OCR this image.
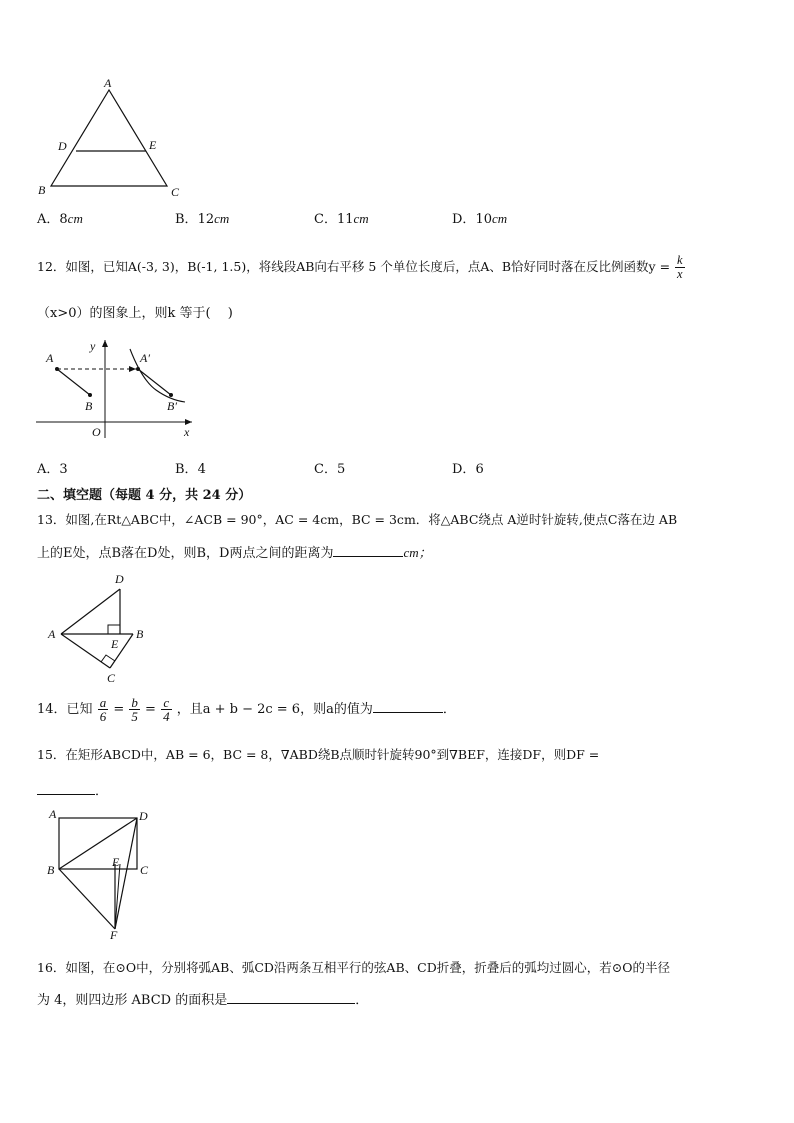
A
D	E
B	C
A．8cm	B．12cm	C．11cm	D．10cm
12．如图，已知A(-3, 3)，B(-1, 1.5)，将线段AB向右平移 5 个单位长度后，点A、B恰好同时落在反比例函数$y = \frac{k}{x}$
（x>0）的图象上，则k 等于(　 )
A
B
A′
B′
y
x
O
A．3	B．4	C．5	D．6
二、填空题（每题 4 分，共 24 分）
13．如图,在Rt△ABC中，∠ACB = 90°，AC = 4cm，BC = 3cm．将△ABC绕点 A逆时针旋转,使点C落在边 AB
上的E处，点B落在D处，则B，D两点之间的距离为	cm；
D
A
E
B
C
14．已知 $\frac{a}{6} = \frac{b}{5} = \frac{c}{4}$ ，且a + b − 2c = 6，则a的值为	．
15．在矩形ABCD中，AB = 6，BC = 8，∇ABD绕B点顺时针旋转90°到∇BEF，连接DF，则DF =
．
A	D
B
E
C
F
16．如图，在⊙O中，分别将弧AB、弧CD沿两条互相平行的弦AB、CD折叠，折叠后的弧均过圆心，若⊙O的半径
为 4，则四边形 ABCD 的面积是	．
